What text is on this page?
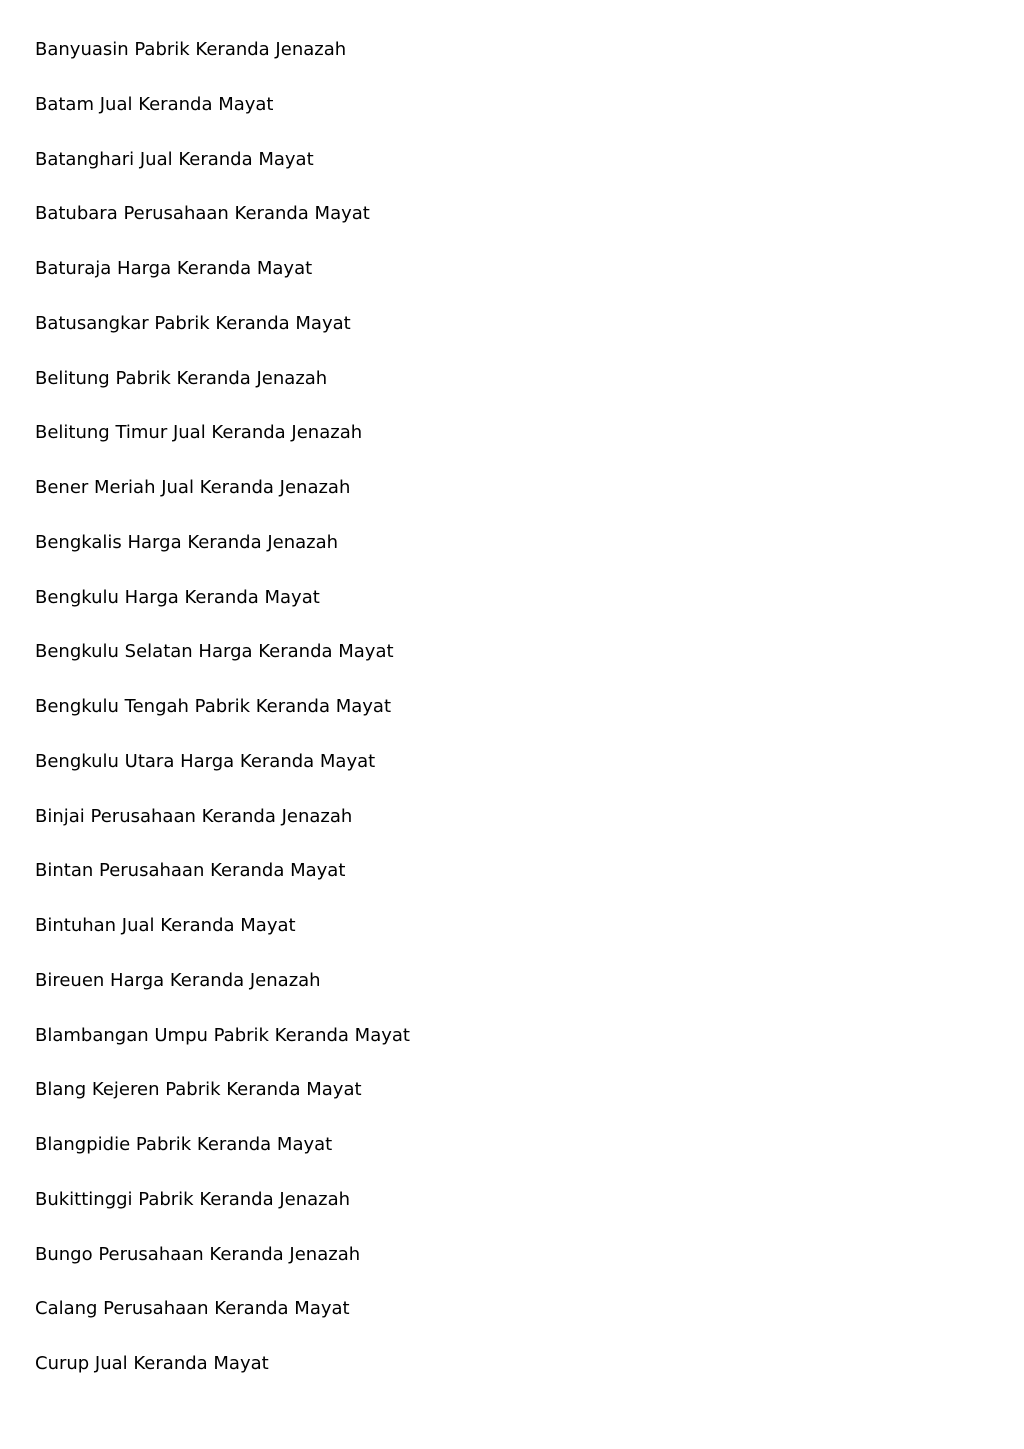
Banyuasin Pabrik Keranda Jenazah
Batam Jual Keranda Mayat
Batanghari Jual Keranda Mayat
Batubara Perusahaan Keranda Mayat
Baturaja Harga Keranda Mayat
Batusangkar Pabrik Keranda Mayat
Belitung Pabrik Keranda Jenazah
Belitung Timur Jual Keranda Jenazah
Bener Meriah Jual Keranda Jenazah
Bengkalis Harga Keranda Jenazah
Bengkulu Harga Keranda Mayat
Bengkulu Selatan Harga Keranda Mayat
Bengkulu Tengah Pabrik Keranda Mayat
Bengkulu Utara Harga Keranda Mayat
Binjai Perusahaan Keranda Jenazah
Bintan Perusahaan Keranda Mayat
Bintuhan Jual Keranda Mayat
Bireuen Harga Keranda Jenazah
Blambangan Umpu Pabrik Keranda Mayat
Blang Kejeren Pabrik Keranda Mayat
Blangpidie Pabrik Keranda Mayat
Bukittinggi Pabrik Keranda Jenazah
Bungo Perusahaan Keranda Jenazah
Calang Perusahaan Keranda Mayat
Curup Jual Keranda Mayat
